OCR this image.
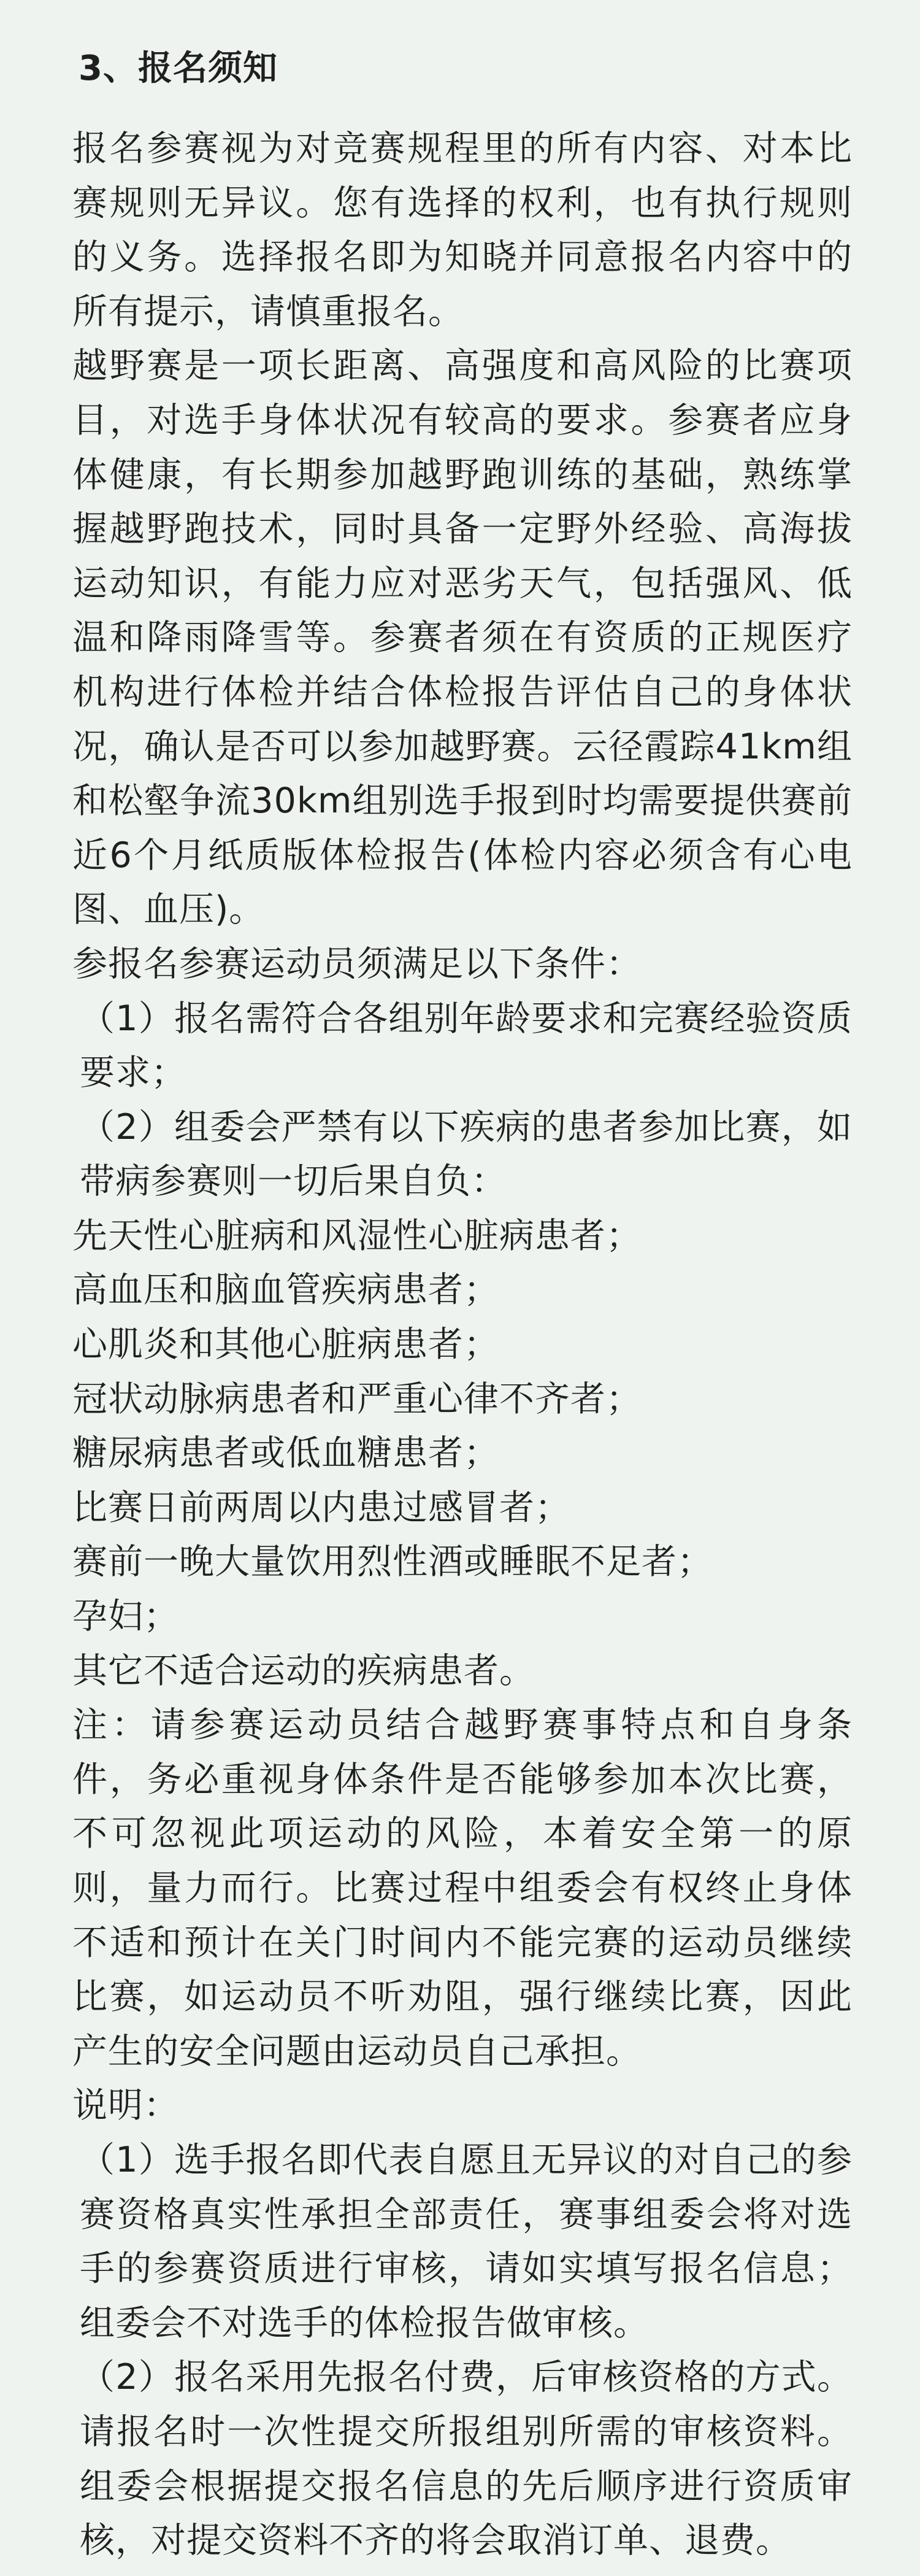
3、报名须知

报名参赛视为对竞赛规程里的所有内容、对本比赛规则无异议。您有选择的权利，也有执行规则的义务。选择报名即为知晓并同意报名内容中的所有提示，请慎重报名。

越野赛是一项长距离、高强度和高风险的比赛项目，对选手身体状况有较高的要求。参赛者应身体健康，有长期参加越野跑训练的基础，熟练掌握越野跑技术，同时具备一定野外经验、高海拔运动知识，有能力应对恶劣天气，包括强风、低温和降雨降雪等。参赛者须在有资质的正规医疗机构进行体检并结合体检报告评估自己的身体状况，确认是否可以参加越野赛。云径霞踪41km组和松壑争流30km组别选手报到时均需要提供赛前近6个月纸质版体检报告(体检内容必须含有心电图、血压)。

参报名参赛运动员须满足以下条件：

（1）报名需符合各组别年龄要求和完赛经验资质要求；

（2）组委会严禁有以下疾病的患者参加比赛，如带病参赛则一切后果自负：

先天性心脏病和风湿性心脏病患者；

高血压和脑血管疾病患者；

心肌炎和其他心脏病患者；

冠状动脉病患者和严重心律不齐者；

糖尿病患者或低血糖患者；

比赛日前两周以内患过感冒者；

赛前一晚大量饮用烈性酒或睡眠不足者；

孕妇；

其它不适合运动的疾病患者。

注：请参赛运动员结合越野赛事特点和自身条件，务必重视身体条件是否能够参加本次比赛，不可忽视此项运动的风险，本着安全第一的原则，量力而行。比赛过程中组委会有权终止身体不适和预计在关门时间内不能完赛的运动员继续比赛，如运动员不听劝阻，强行继续比赛，因此产生的安全问题由运动员自己承担。

说明：

（1）选手报名即代表自愿且无异议的对自己的参赛资格真实性承担全部责任，赛事组委会将对选手的参赛资质进行审核，请如实填写报名信息；组委会不对选手的体检报告做审核。

（2）报名采用先报名付费，后审核资格的方式。请报名时一次性提交所报组别所需的审核资料。组委会根据提交报名信息的先后顺序进行资质审核，对提交资料不齐的将会取消订单、退费。
